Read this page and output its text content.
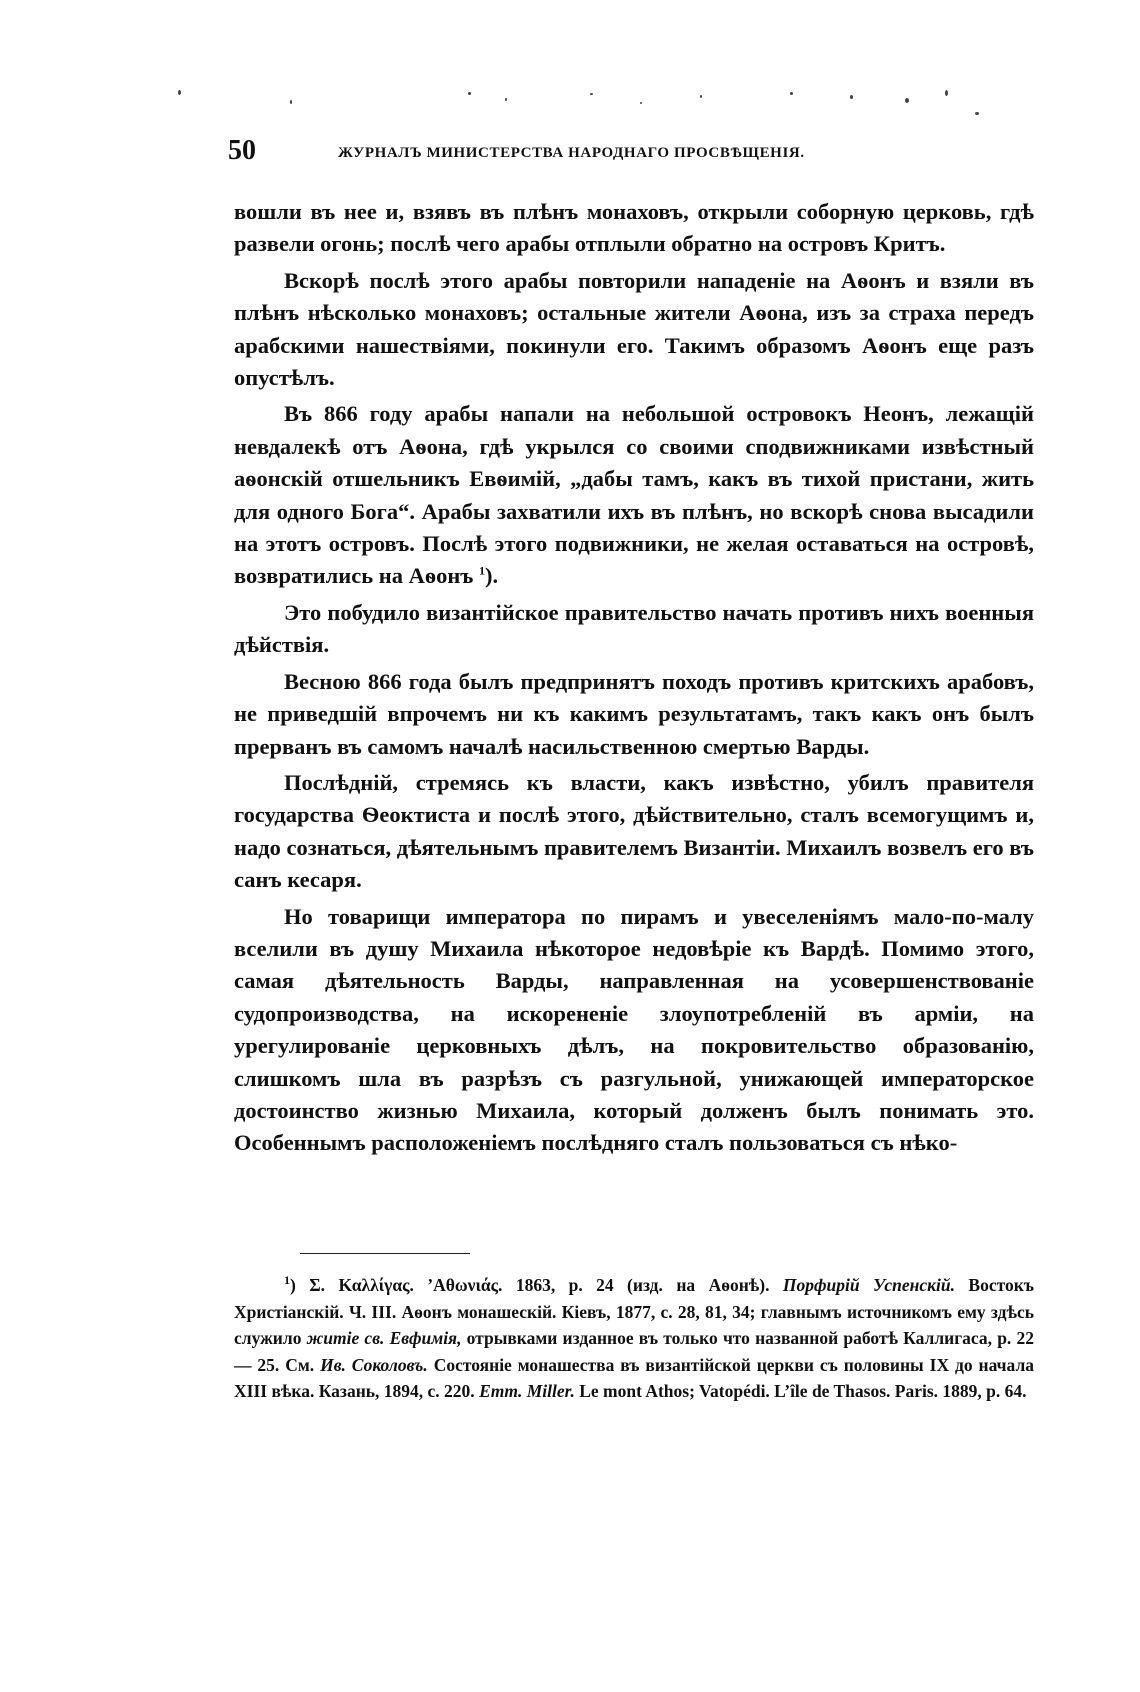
50	ЖУРНАЛЪ МИНИСТЕРСТВА НАРОДНАГО ПРОСВѢЩЕНІЯ.

вошли въ нее и, взявъ въ плѣнъ монаховъ, открыли соборную церковь, гдѣ развели огонь; послѣ чего арабы отплыли обратно на островъ Критъ.

Вскорѣ послѣ этого арабы повторили нападеніе на Аѳонъ и взяли въ плѣнъ нѣсколько монаховъ; остальные жители Аѳона, изъ за страха передъ арабскими нашествіями, покинули его. Такимъ образомъ Аѳонъ еще разъ опустѣлъ.

Въ 866 году арабы напали на небольшой островокъ Неонъ, лежащій невдалекѣ отъ Аѳона, гдѣ укрылся со своими сподвижниками извѣстный аѳонскій отшельникъ Евѳимій, „дабы тамъ, какъ въ тихой пристани, жить для одного Бога“. Арабы захватили ихъ въ плѣнъ, но вскорѣ снова высадили на этотъ островъ. Послѣ этого подвижники, не желая оставаться на островѣ, возвратились на Аѳонъ $^1$).

Это побудило византійское правительство начать противъ нихъ военныя дѣйствія.

Весною 866 года былъ предпринятъ походъ противъ критскихъ арабовъ, не приведшій впрочемъ ни къ какимъ результатамъ, такъ какъ онъ былъ прерванъ въ самомъ началѣ насильственною смертью Варды.

Послѣдній, стремясь къ власти, какъ извѣстно, убилъ правителя государства Ѳеоктиста и послѣ этого, дѣйствительно, сталъ всемогущимъ и, надо сознаться, дѣятельнымъ правителемъ Византіи. Михаилъ возвелъ его въ санъ кесаря.

Но товарищи императора по пирамъ и увеселеніямъ мало-по-малу вселили въ душу Михаила нѣкоторое недовѣріе къ Вардѣ. Помимо этого, самая дѣятельность Варды, направленная на усовершенствованіе судопроизводства, на искорененіе злоупотребленій въ арміи, на урегулированіе церковныхъ дѣлъ, на покровительство образованію, слишкомъ шла въ разрѣзъ съ разгульной, унижающей императорское достоинство жизнью Михаила, который долженъ былъ понимать это. Особеннымъ расположеніемъ послѣдняго сталъ пользоваться съ нѣко-

$^1$) Σ. Καλλίγας. ’Αθωνιάς. 1863, p. 24 (изд. на Аѳонѣ). Порфирій Успенскій. Востокъ Христіанскій. Ч. III. Аѳонъ монашескій. Кіевъ, 1877, с. 28, 81, 34; главнымъ источникомъ ему здѣсь служило житіе св. Евфимія, отрывками изданное въ только что названной работѣ Каллигаса, p. 22 — 25. См. Ив. Соколовъ. Состояніе монашества въ византійской церкви съ половины IX до начала XIII вѣка. Казань, 1894, с. 220. Emm. Miller. Le mont Athos; Vatopédi. L’île de Thasos. Paris. 1889, p. 64.
